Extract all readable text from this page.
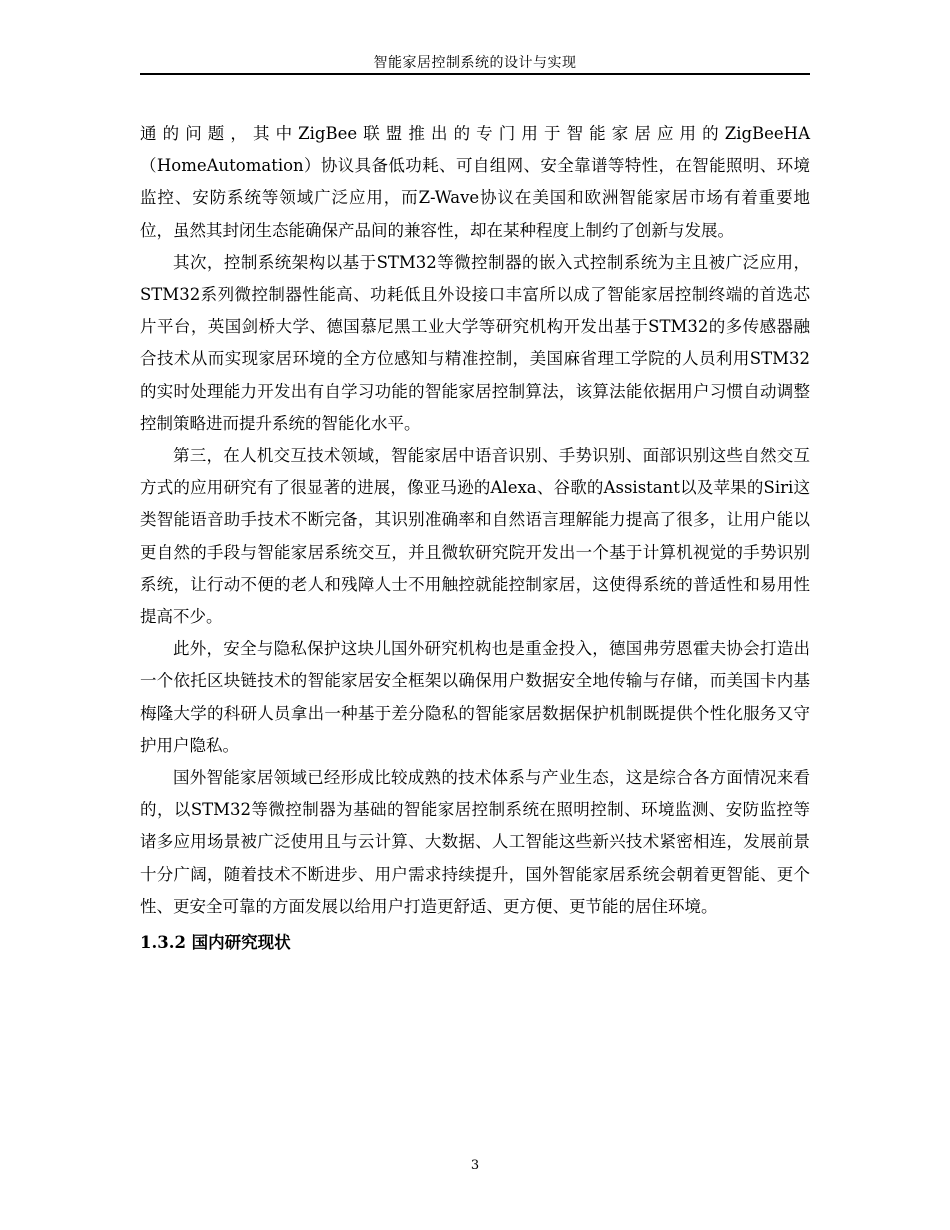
智能家居控制系统的设计与实现

通的问题，其中ZigBee联盟推出的专门用于智能家居应用的ZigBeeHA（HomeAutomation）协议具备低功耗、可自组网、安全靠谱等特性，在智能照明、环境监控、安防系统等领域广泛应用，而Z-Wave协议在美国和欧洲智能家居市场有着重要地位，虽然其封闭生态能确保产品间的兼容性，却在某种程度上制约了创新与发展。

其次，控制系统架构以基于STM32等微控制器的嵌入式控制系统为主且被广泛应用，STM32系列微控制器性能高、功耗低且外设接口丰富所以成了智能家居控制终端的首选芯片平台，英国剑桥大学、德国慕尼黑工业大学等研究机构开发出基于STM32的多传感器融合技术从而实现家居环境的全方位感知与精准控制，美国麻省理工学院的人员利用STM32的实时处理能力开发出有自学习功能的智能家居控制算法，该算法能依据用户习惯自动调整控制策略进而提升系统的智能化水平。

第三，在人机交互技术领域，智能家居中语音识别、手势识别、面部识别这些自然交互方式的应用研究有了很显著的进展，像亚马逊的Alexa、谷歌的Assistant以及苹果的Siri这类智能语音助手技术不断完备，其识别准确率和自然语言理解能力提高了很多，让用户能以更自然的手段与智能家居系统交互，并且微软研究院开发出一个基于计算机视觉的手势识别系统，让行动不便的老人和残障人士不用触控就能控制家居，这使得系统的普适性和易用性提高不少。

此外，安全与隐私保护这块儿国外研究机构也是重金投入，德国弗劳恩霍夫协会打造出一个依托区块链技术的智能家居安全框架以确保用户数据安全地传输与存储，而美国卡内基梅隆大学的科研人员拿出一种基于差分隐私的智能家居数据保护机制既提供个性化服务又守护用户隐私。

国外智能家居领域已经形成比较成熟的技术体系与产业生态，这是综合各方面情况来看的，以STM32等微控制器为基础的智能家居控制系统在照明控制、环境监测、安防监控等诸多应用场景被广泛使用且与云计算、大数据、人工智能这些新兴技术紧密相连，发展前景十分广阔，随着技术不断进步、用户需求持续提升，国外智能家居系统会朝着更智能、更个性、更安全可靠的方面发展以给用户打造更舒适、更方便、更节能的居住环境。

1.3.2 国内研究现状
3
